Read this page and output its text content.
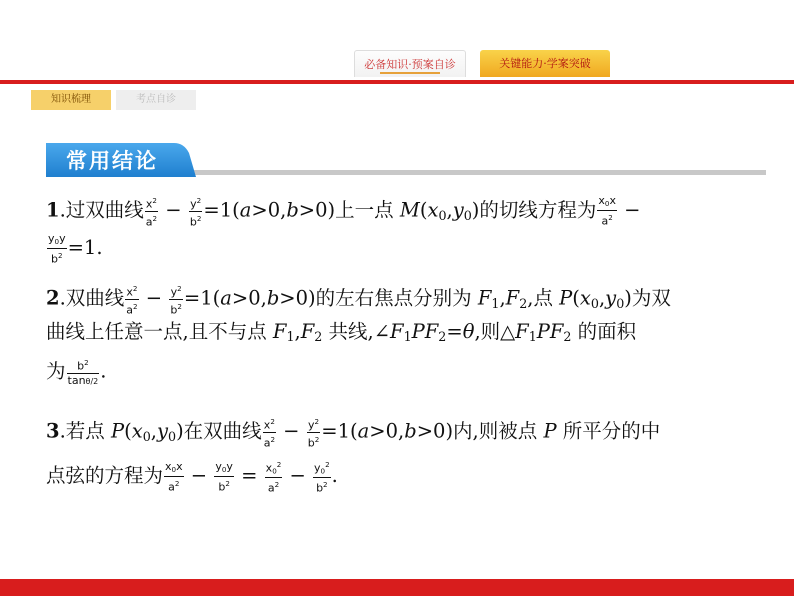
必备知识·预案自诊	关键能力·学案突破
知识梳理	考点自诊
常用结论
1.过双曲线 $\frac{x^2}{a^2} - \frac{y^2}{b^2} =1(a>0,b>0)$上一点 $M(x_0,y_0)$的切线方程为 $\frac{x_0x}{a^2}$ −
$\frac{y_0y}{b^2} =1$.
2.双曲线 $\frac{x^2}{a^2} - \frac{y^2}{b^2} =1(a>0,b>0)$的左右焦点分别为 $F_1,F_2$,点 $P(x_0,y_0)$为双
曲线上任意一点,且不与点 $F_1,F_2$ 共线$,\angle F_1PF_2=\theta$,则$\triangle F_1PF_2$ 的面积
为 $\frac{b^2}{\tan\theta/2}$ .
3.若点 $P(x_0,y_0)$在双曲线 $\frac{x^2}{a^2} - \frac{y^2}{b^2} =1(a>0,b>0)$内,则被点 P 所平分的中
点弦的方程为 $\frac{x_0x}{a^2} - \frac{y_0y}{b^2} = \frac{x_0^2}{a^2} - \frac{y_0^2}{b^2}$ .
